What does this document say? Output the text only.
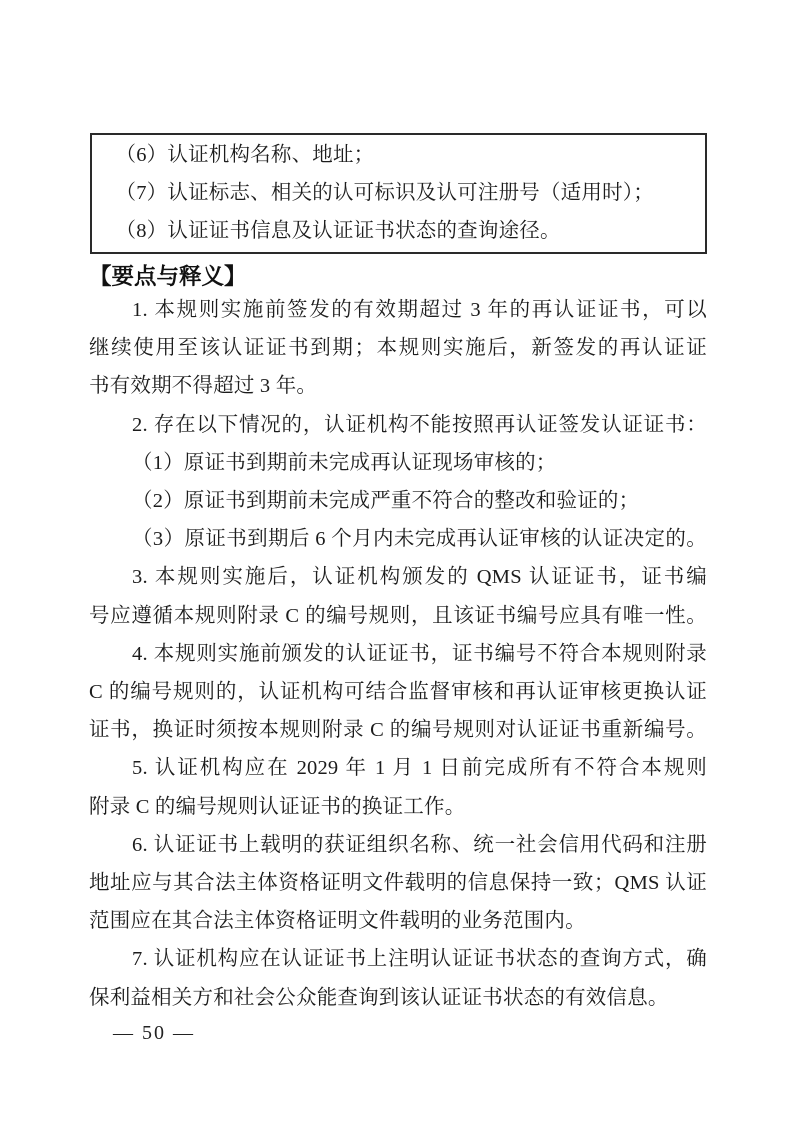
（6）认证机构名称、地址；
（7）认证标志、相关的认可标识及认可注册号（适用时）；
（8）认证证书信息及认证证书状态的查询途径。
【要点与释义】
1. 本规则实施前签发的有效期超过 3 年的再认证证书，可以
继续使用至该认证证书到期；本规则实施后，新签发的再认证证
书有效期不得超过 3 年。
2. 存在以下情况的，认证机构不能按照再认证签发认证证书：
（1）原证书到期前未完成再认证现场审核的；
（2）原证书到期前未完成严重不符合的整改和验证的；
（3）原证书到期后 6 个月内未完成再认证审核的认证决定的。
3. 本规则实施后，认证机构颁发的 QMS 认证证书，证书编
号应遵循本规则附录 C 的编号规则，且该证书编号应具有唯一性。
4. 本规则实施前颁发的认证证书，证书编号不符合本规则附录
C 的编号规则的，认证机构可结合监督审核和再认证审核更换认证
证书，换证时须按本规则附录 C 的编号规则对认证证书重新编号。
5. 认证机构应在 2029 年 1 月 1 日前完成所有不符合本规则
附录 C 的编号规则认证证书的换证工作。
6. 认证证书上载明的获证组织名称、统一社会信用代码和注册
地址应与其合法主体资格证明文件载明的信息保持一致；QMS 认证
范围应在其合法主体资格证明文件载明的业务范围内。
7. 认证机构应在认证证书上注明认证证书状态的查询方式，确
保利益相关方和社会公众能查询到该认证证书状态的有效信息。
— 50 —
